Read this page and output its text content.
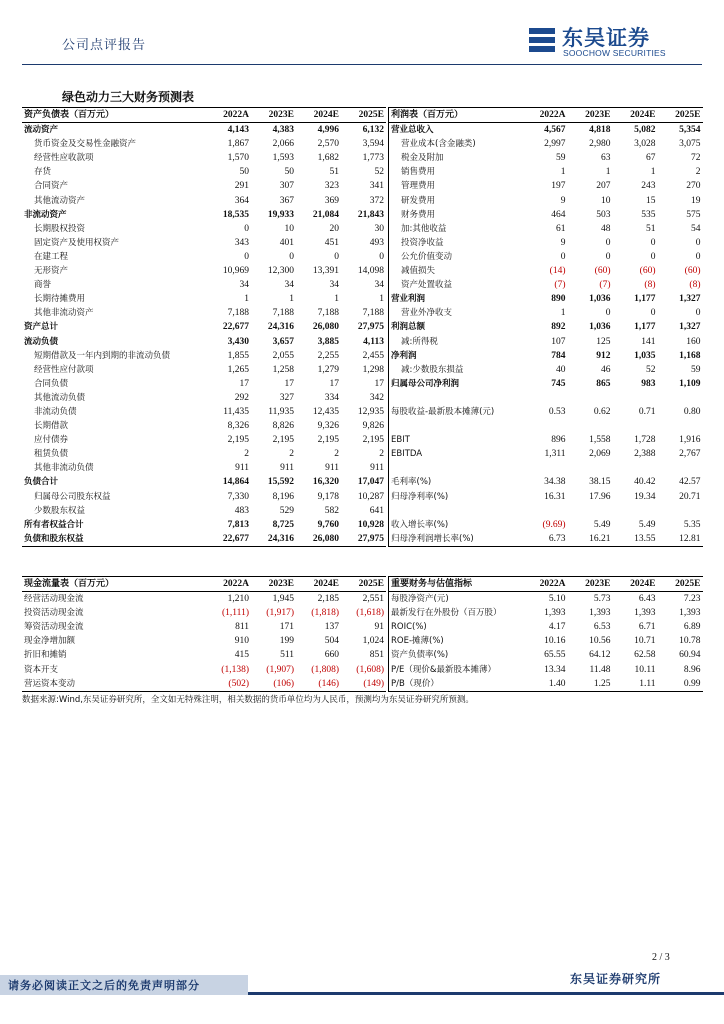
公司点评报告	东吴证券
SOOCHOW SECURITIES
绿色动力三大财务预测表
资产负债表（百万元）	2022A	2023E	2024E	2025E
流动资产	4,143	4,383	4,996	6,132
货币资金及交易性金融资产	1,867	2,066	2,570	3,594
经营性应收款项	1,570	1,593	1,682	1,773
存货	50	50	51	52
合同资产	291	307	323	341
其他流动资产	364	367	369	372
非流动资产	18,535	19,933	21,084	21,843
长期股权投资	0	10	20	30
固定资产及使用权资产	343	401	451	493
在建工程	0	0	0	0
无形资产	10,969	12,300	13,391	14,098
商誉	34	34	34	34
长期待摊费用	1	1	1	1
其他非流动资产	7,188	7,188	7,188	7,188
资产总计	22,677	24,316	26,080	27,975
流动负债	3,430	3,657	3,885	4,113
短期借款及一年内到期的非流动负债	1,855	2,055	2,255	2,455
经营性应付款项	1,265	1,258	1,279	1,298
合同负债	17	17	17	17
其他流动负债	292	327	334	342
非流动负债	11,435	11,935	12,435	12,935
长期借款	8,326	8,826	9,326	9,826
应付债券	2,195	2,195	2,195	2,195
租赁负债	2	2	2	2
其他非流动负债	911	911	911	911
负债合计	14,864	15,592	16,320	17,047
归属母公司股东权益	7,330	8,196	9,178	10,287
少数股东权益	483	529	582	641
所有者权益合计	7,813	8,725	9,760	10,928
负债和股东权益	22,677	24,316	26,080	27,975
利润表（百万元）	2022A	2023E	2024E	2025E
营业总收入	4,567	4,818	5,082	5,354
营业成本(含金融类)	2,997	2,980	3,028	3,075
税金及附加	59	63	67	72
销售费用	1	1	1	2
管理费用	197	207	243	270
研发费用	9	10	15	19
财务费用	464	503	535	575
加:其他收益	61	48	51	54
投资净收益	9	0	0	0
公允价值变动	0	0	0	0
减值损失	(14)	(60)	(60)	(60)
资产处置收益	(7)	(7)	(8)	(8)
营业利润	890	1,036	1,177	1,327
营业外净收支	1	0	0	0
利润总额	892	1,036	1,177	1,327
减:所得税	107	125	141	160
净利润	784	912	1,035	1,168
减:少数股东损益	40	46	52	59
归属母公司净利润	745	865	983	1,109

每股收益-最新股本摊薄(元)	0.53	0.62	0.71	0.80

EBIT	896	1,558	1,728	1,916
EBITDA	1,311	2,069	2,388	2,767

毛利率(%)	34.38	38.15	40.42	42.57
归母净利率(%)	16.31	17.96	19.34	20.71

收入增长率(%)	(9.69)	5.49	5.49	5.35
归母净利润增长率(%)	6.73	16.21	13.55	12.81
现金流量表（百万元）	2022A	2023E	2024E	2025E
经营活动现金流	1,210	1,945	2,185	2,551
投资活动现金流	(1,111)	(1,917)	(1,818)	(1,618)
筹资活动现金流	811	171	137	91
现金净增加额	910	199	504	1,024
折旧和摊销	415	511	660	851
资本开支	(1,138)	(1,907)	(1,808)	(1,608)
营运资本变动	(502)	(106)	(146)	(149)
重要财务与估值指标	2022A	2023E	2024E	2025E
每股净资产(元)	5.10	5.73	6.43	7.23
最新发行在外股份（百万股）	1,393	1,393	1,393	1,393
ROIC(%)	4.17	6.53	6.71	6.89
ROE-摊薄(%)	10.16	10.56	10.71	10.78
资产负债率(%)	65.55	64.12	62.58	60.94
P/E（现价&最新股本摊薄）	13.34	11.48	10.11	8.96
P/B（现价）	1.40	1.25	1.11	0.99
数据来源:Wind,东吴证券研究所，全文如无特殊注明，相关数据的货币单位均为人民币，预测均为东吴证券研究所预测。
2 / 3
请务必阅读正文之后的免责声明部分	东吴证券研究所
